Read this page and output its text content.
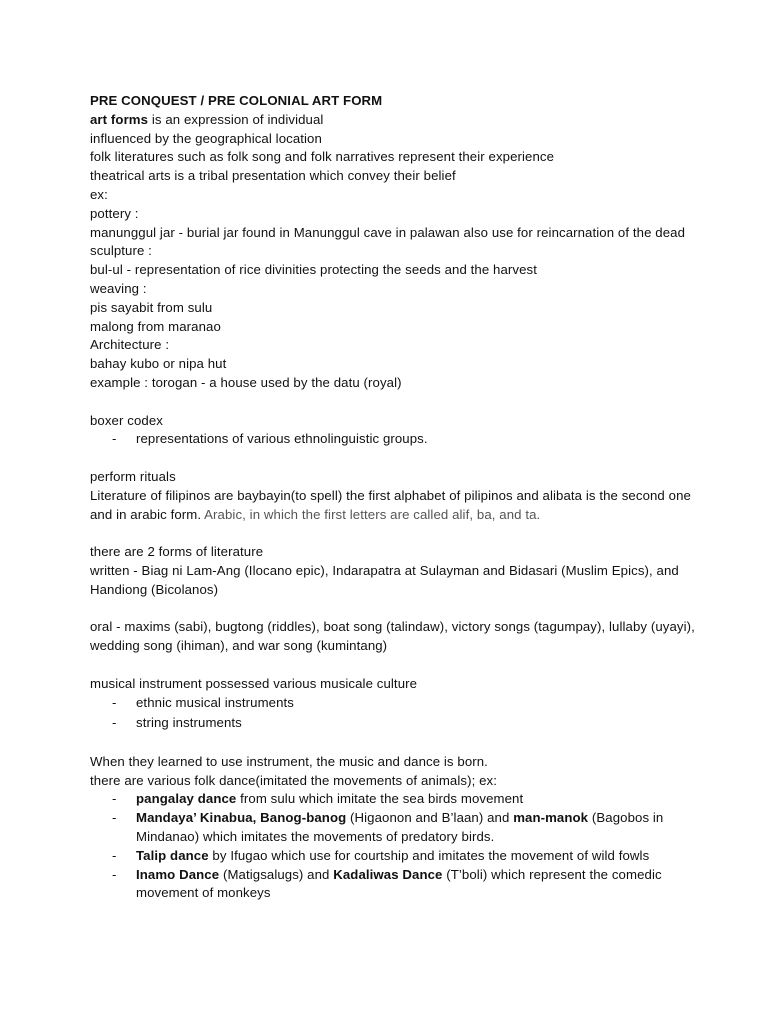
PRE CONQUEST / PRE COLONIAL ART FORM

art forms is an expression of individual

influenced by the geographical location

folk literatures such as folk song and folk narratives represent their experience

theatrical arts is a tribal presentation which convey their belief

ex:

pottery :

manunggul jar - burial jar found in Manunggul cave in palawan also use for reincarnation of the dead

sculpture :

bul-ul - representation of rice divinities protecting the seeds and the harvest

weaving :

pis sayabit from sulu

malong from maranao

Architecture :

bahay kubo or nipa hut

example : torogan - a house used by the datu (royal)

boxer codex

- representations of various ethnolinguistic groups.

perform rituals

Literature of filipinos are baybayin(to spell) the first alphabet of pilipinos and alibata is the second one and in arabic form. Arabic, in which the first letters are called alif, ba, and ta.

there are 2 forms of literature

written - Biag ni Lam-Ang (Ilocano epic), Indarapatra at Sulayman and Bidasari (Muslim Epics), and Handiong (Bicolanos)

oral - maxims (sabi), bugtong (riddles), boat song (talindaw), victory songs (tagumpay), lullaby (uyayi), wedding song (ihiman), and war song (kumintang)

musical instrument possessed various musicale culture

- ethnic musical instruments
- string instruments

When they learned to use instrument, the music and dance is born.

there are various folk dance(imitated the movements of animals); ex:

- pangalay dance from sulu which imitate the sea birds movement
- Mandaya’ Kinabua, Banog-banog (Higaonon and B’laan) and man-manok (Bagobos in Mindanao) which imitates the movements of predatory birds.
- Talip dance by Ifugao which use for courtship and imitates the movement of wild fowls
- Inamo Dance (Matigsalugs) and Kadaliwas Dance (T’boli) which represent the comedic movement of monkeys
